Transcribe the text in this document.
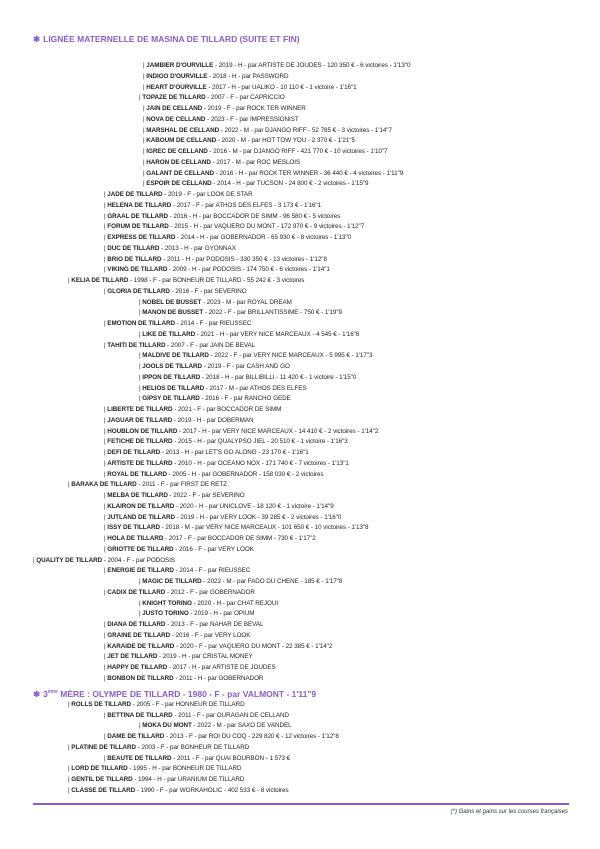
✱ LIGNÉE MATERNELLE DE MASINA DE TILLARD (SUITE ET FIN)
✱ 3ème MÈRE : OLYMPE DE TILLARD - 1980 - F - par VALMONT - 1'11"9
| JAMBIER D'OURVILLE - 2019 - H - par ARTISTE DE JOUDES - 120 350 € - 6 victoires - 1'13"0
| INDIGO D'OURVILLE - 2018 - H - par PASSWORD
| HEART D'OURVILLE - 2017 - H - par UALIKO - 10 110 € - 1 victoire - 1'16"1
| TOPAZE DE TILLARD - 2007 - F - par CAPRICCIO
| JAIN DE CELLAND - 2019 - F - par ROCK TER WINNER
| NOVA DE CELLAND - 2023 - F - par IMPRESSIONIST
| MARSHAL DE CELLAND - 2022 - M - par DJANGO RIFF - 52 785 € - 3 victoires - 1'14"7
| KABOUM DE CELLAND - 2020 - M - par HOT TOW YOU - 2 370 € - 1'21"5
| IGREC DE CELLAND - 2016 - M - par DJANGO RIFF - 421 770 € - 10 victoires - 1'10"7
| HARON DE CELLAND - 2017 - M - par ROC MESLOIS
| GALANT DE CELLAND - 2016 - H - par ROCK TER WINNER - 36 440 € - 4 victoires - 1'11"9
| ESPOIR DE CELLAND - 2014 - H - par TUCSON - 24 800 € - 2 victoires - 1'15"9
| JADE DE TILLARD - 2019 - F - par LOOK DE STAR
| HELENA DE TILLARD - 2017 - F - par ATHOS DES ELFES - 3 173 € - 1'16"1
| GRAAL DE TILLARD - 2016 - H - par BOCCADOR DE SIMM - 96 580 € - 5 victoires
| FORUM DE TILLARD - 2015 - H - par VAQUERO DU MONT - 172 970 € - 9 victoires - 1'12"7
| EXPRESS DE TILLARD - 2014 - H - par GOBERNADOR - 65 930 € - 8 victoires - 1'13"0
| DUC DE TILLARD - 2013 - H - par GYONNAX
| BRIO DE TILLARD - 2011 - H - par PODOSIS - 330 350 € - 13 victoires - 1'12"8
| VIKING DE TILLARD - 2009 - H - par PODOSIS - 174 750 € - 6 victoires - 1'14"1
| KELIA DE TILLARD - 1998 - F - par BONHEUR DE TILLARD - 55 242 € - 3 victoires
| GLORIA DE TILLARD - 2016 - F - par SEVERINO
| NOBEL DE BUSSET - 2023 - M - par ROYAL DREAM
| MANON DE BUSSET - 2022 - F - par BRILLANTISSIME - 750 € - 1'19"9
| EMOTION DE TILLARD - 2014 - F - par RIEUSSEC
| LIKE DE TILLARD - 2021 - H - par VERY NICE MARCEAUX - 4 545 € - 1'16"6
| TAHITI DE TILLARD - 2007 - F - par JAIN DE BEVAL
| MALDIVE DE TILLARD - 2022 - F - par VERY NICE MARCEAUX - 5 995 € - 1'17"3
| JOOLS DE TILLARD - 2019 - F - par CASH AND GO
| IPPON DE TILLARD - 2018 - H - par BILLIBILLI - 11 420 € - 1 victoire - 1'15"0
| HELIOS DE TILLARD - 2017 - M - par ATHOS DES ELFES
| GIPSY DE TILLARD - 2016 - F - par RANCHO GEDE
| LIBERTE DE TILLARD - 2021 - F - par BOCCADOR DE SIMM
| JAGUAR DE TILLARD - 2019 - H - par DOBERMAN
| HOUBLON DE TILLARD - 2017 - H - par VERY NICE MARCEAUX - 14 410 € - 2 victoires - 1'14"2
| FETICHE DE TILLARD - 2015 - H - par QUALYPSO JIEL - 20 510 € - 1 victoire - 1'16"3
| DEFI DE TILLARD - 2013 - H - par LET'S GO ALONG - 23 170 € - 1'16"1
| ARTISTE DE TILLARD - 2010 - H - par OCEANO NOX - 171 740 € - 7 victoires - 1'13"1
| ROYAL DE TILLARD - 2005 - H - par GOBERNADOR - 158 030 € - 2 victoires
| BARAKA DE TILLARD - 2011 - F - par FIRST DE RETZ
| MELBA DE TILLARD - 2022 - F - par SEVERINO
| KLAIRON DE TILLARD - 2020 - H - par UNICLOVE - 18 120 € - 1 victoire - 1'14"9
| JUTLAND DE TILLARD - 2019 - H - par VERY LOOK - 39 285 € - 2 victoires - 1'16"0
| ISSY DE TILLARD - 2018 - M - par VERY NICE MARCEAUX - 101 650 € - 10 victoires - 1'13"8
| HOLA DE TILLARD - 2017 - F - par BOCCADOR DE SIMM - 730 € - 1'17"2
| GRIOTTE DE TILLARD - 2016 - F - par VERY LOOK
| QUALITY DE TILLARD - 2004 - F - par PODOSIS
| ENERGIE DE TILLARD - 2014 - F - par RIEUSSEC
| MAGIC DE TILLARD - 2022 - M - par FADO DU CHENE - 185 € - 1'17"8
| CADIX DE TILLARD - 2012 - F - par GOBERNADOR
| KNIGHT TORINO - 2020 - H - par CHAT REJOUI
| JUSTO TORINO - 2019 - H - par OPIUM
| DIANA DE TILLARD - 2013 - F - par NAHAR DE BEVAL
| GRAINE DE TILLARD - 2016 - F - par VERY LOOK
| KARAIDE DE TILLARD - 2020 - F - par VAQUERO DU MONT - 22 385 € - 1'14"2
| JET DE TILLARD - 2019 - H - par CRISTAL MONEY
| HAPPY DE TILLARD - 2017 - H - par ARTISTE DE JOUDES
| BONBON DE TILLARD - 2011 - H - par GOBERNADOR
| ROLLS DE TILLARD - 2005 - F - par HONNEUR DE TILLARD
| BETTINA DE TILLARD - 2011 - F - par OURAGAN DE CELLAND
| MOKA DU MONT - 2022 - M - par SAXO DE VANDEL
| DAME DE TILLARD - 2013 - F - par ROI DU COQ - 229 820 € - 12 victoires - 1'12"8
| PLATINE DE TILLARD - 2003 - F - par BONHEUR DE TILLARD
| BEAUTE DE TILLARD - 2011 - F - par QUAI BOURBON - 1 573 €
| LORD DE TILLARD - 1995 - H - par BONHEUR DE TILLARD
| GENTIL DE TILLARD - 1994 - H - par URANIUM DE TILLARD
| CLASSE DE TILLARD - 1990 - F - par WORKAHOLIC - 402 533 € - 8 victoires
(*) Gains et gains sur les courses françaises
